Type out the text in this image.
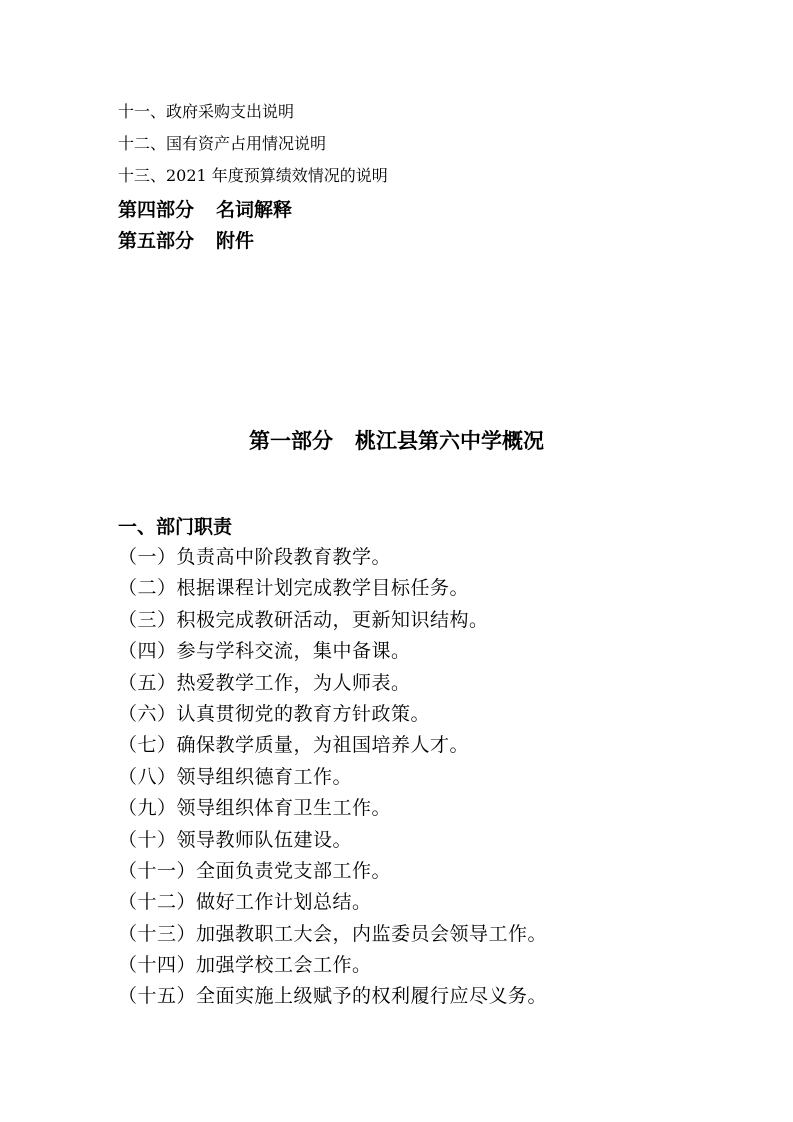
十一、政府采购支出说明
十二、国有资产占用情况说明
十三、2021 年度预算绩效情况的说明
第四部分 名词解释
第五部分 附件
第一部分 桃江县第六中学概况
一、部门职责
（一）负责高中阶段教育教学。
（二）根据课程计划完成教学目标任务。
（三）积极完成教研活动，更新知识结构。
（四）参与学科交流，集中备课。
（五）热爱教学工作，为人师表。
（六）认真贯彻党的教育方针政策。
（七）确保教学质量，为祖国培养人才。
（八）领导组织德育工作。
（九）领导组织体育卫生工作。
（十）领导教师队伍建设。
（十一）全面负责党支部工作。
（十二）做好工作计划总结。
（十三）加强教职工大会，内监委员会领导工作。
（十四）加强学校工会工作。
（十五）全面实施上级赋予的权利履行应尽义务。
